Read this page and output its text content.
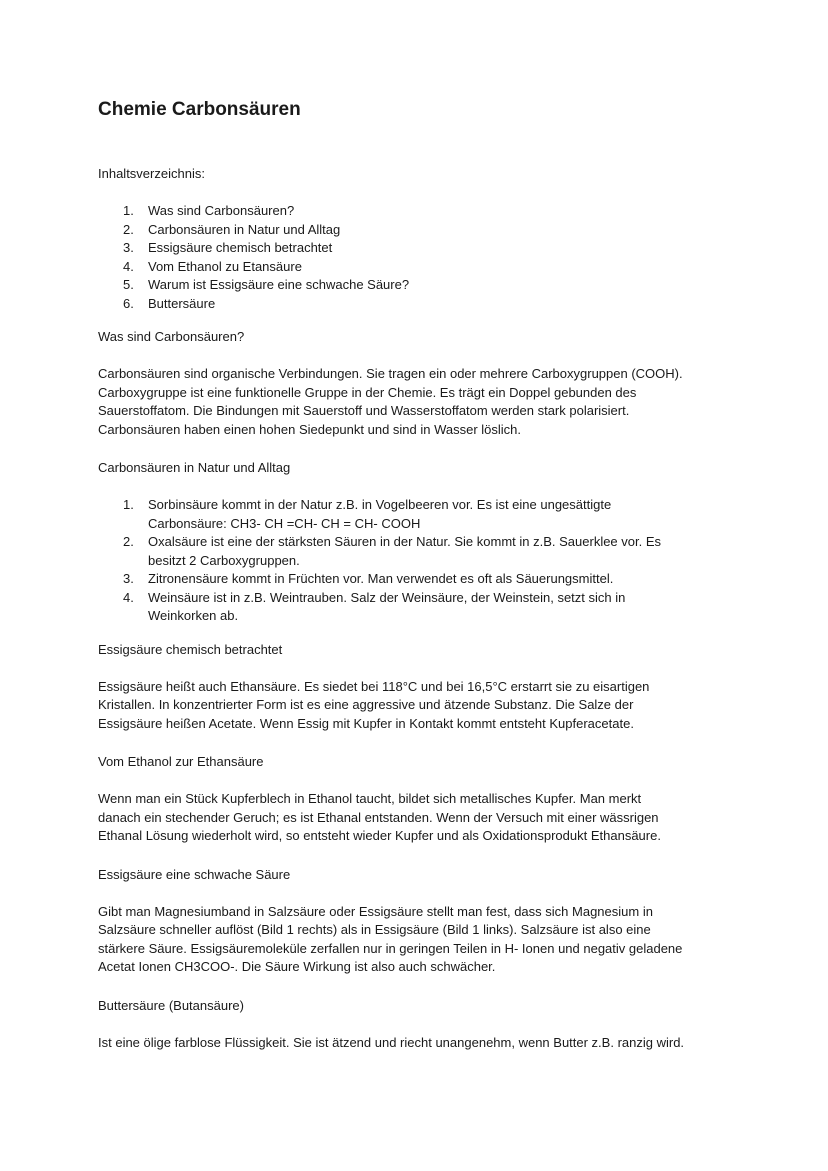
Chemie Carbonsäuren
Inhaltsverzeichnis:
1. Was sind Carbonsäuren?
2. Carbonsäuren in Natur und Alltag
3. Essigsäure chemisch betrachtet
4. Vom Ethanol zu Etansäure
5. Warum ist Essigsäure eine schwache Säure?
6. Buttersäure

Was sind Carbonsäuren?

Carbonsäuren sind organische Verbindungen. Sie tragen ein oder mehrere Carboxygruppen (COOH).

Carboxygruppe ist eine funktionelle Gruppe in der Chemie. Es trägt ein Doppel gebunden des

Sauerstoffatom. Die Bindungen mit Sauerstoff und Wasserstoffatom werden stark polarisiert.

Carbonsäuren haben einen hohen Siedepunkt und sind in Wasser löslich.

Carbonsäuren in Natur und Alltag

1. Sorbinsäure kommt in der Natur z.B. in Vogelbeeren vor. Es ist eine ungesättigte
Carbonsäure: CH3- CH =CH- CH = CH- COOH
2. Oxalsäure ist eine der stärksten Säuren in der Natur. Sie kommt in z.B. Sauerklee vor. Es
besitzt 2 Carboxygruppen.
3. Zitronensäure kommt in Früchten vor. Man verwendet es oft als Säuerungsmittel.
4. Weinsäure ist in z.B. Weintrauben. Salz der Weinsäure, der Weinstein, setzt sich in
Weinkorken ab.

Essigsäure chemisch betrachtet

Essigsäure heißt auch Ethansäure. Es siedet bei 118°C und bei 16,5°C erstarrt sie zu eisartigen

Kristallen. In konzentrierter Form ist es eine aggressive und ätzende Substanz. Die Salze der

Essigsäure heißen Acetate. Wenn Essig mit Kupfer in Kontakt kommt entsteht Kupferacetate.

Vom Ethanol zur Ethansäure

Wenn man ein Stück Kupferblech in Ethanol taucht, bildet sich metallisches Kupfer. Man merkt

danach ein stechender Geruch; es ist Ethanal entstanden. Wenn der Versuch mit einer wässrigen

Ethanal Lösung wiederholt wird, so entsteht wieder Kupfer und als Oxidationsprodukt Ethansäure.

Essigsäure eine schwache Säure

Gibt man Magnesiumband in Salzsäure oder Essigsäure stellt man fest, dass sich Magnesium in

Salzsäure schneller auflöst (Bild 1 rechts) als in Essigsäure (Bild 1 links). Salzsäure ist also eine

stärkere Säure. Essigsäuremoleküle zerfallen nur in geringen Teilen in H- Ionen und negativ geladene

Acetat Ionen CH3COO-. Die Säure Wirkung ist also auch schwächer.

Buttersäure (Butansäure)

Ist eine ölige farblose Flüssigkeit. Sie ist ätzend und riecht unangenehm, wenn Butter z.B. ranzig wird.
